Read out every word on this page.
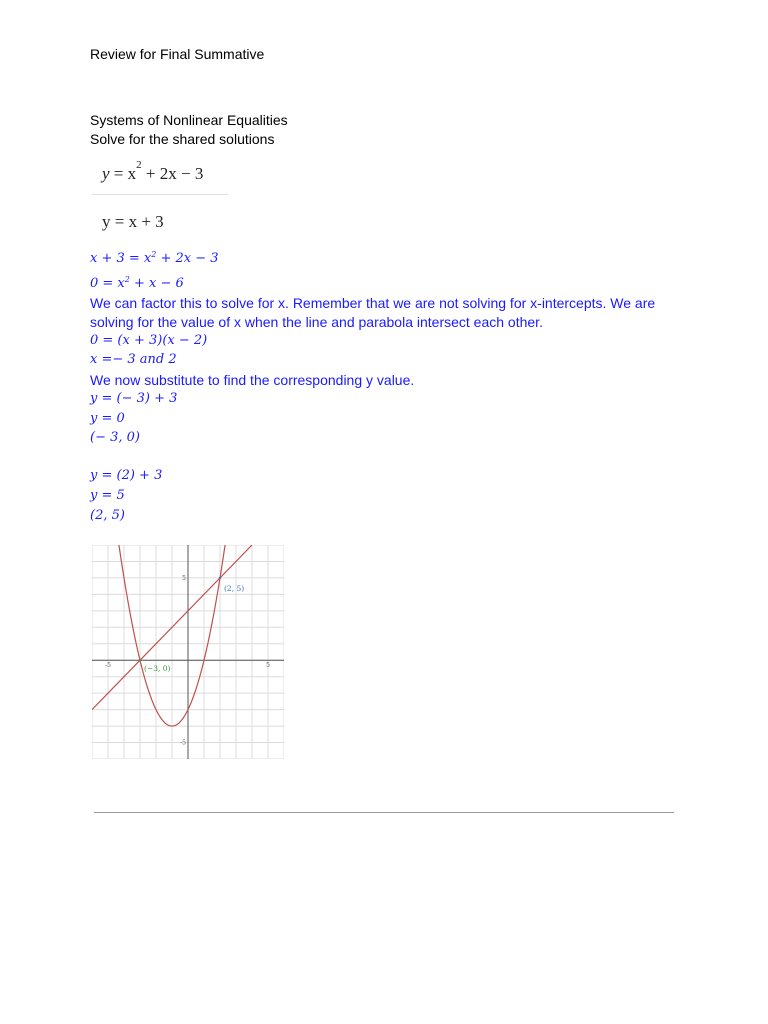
Review for Final Summative
Systems of Nonlinear Equalities
Solve for the shared solutions
$y = x^2 + 2x - 3$
y = x + 3
$x + 3 = x^2 + 2x - 3$
$0 = x^2 + x - 6$
We can factor this to solve for x. Remember that we are not solving for x-intercepts. We are
solving for the value of x when the line and parabola intersect each other.
0 = (x + 3)(x − 2)
x =− 3 and 2
We now substitute to find the corresponding y value.
y = (− 3) + 3
y = 0
(− 3, 0)
y = (2) + 3
y = 5
(2, 5)
-5	5
5
-5
(−3, 0)
(2, 5)
